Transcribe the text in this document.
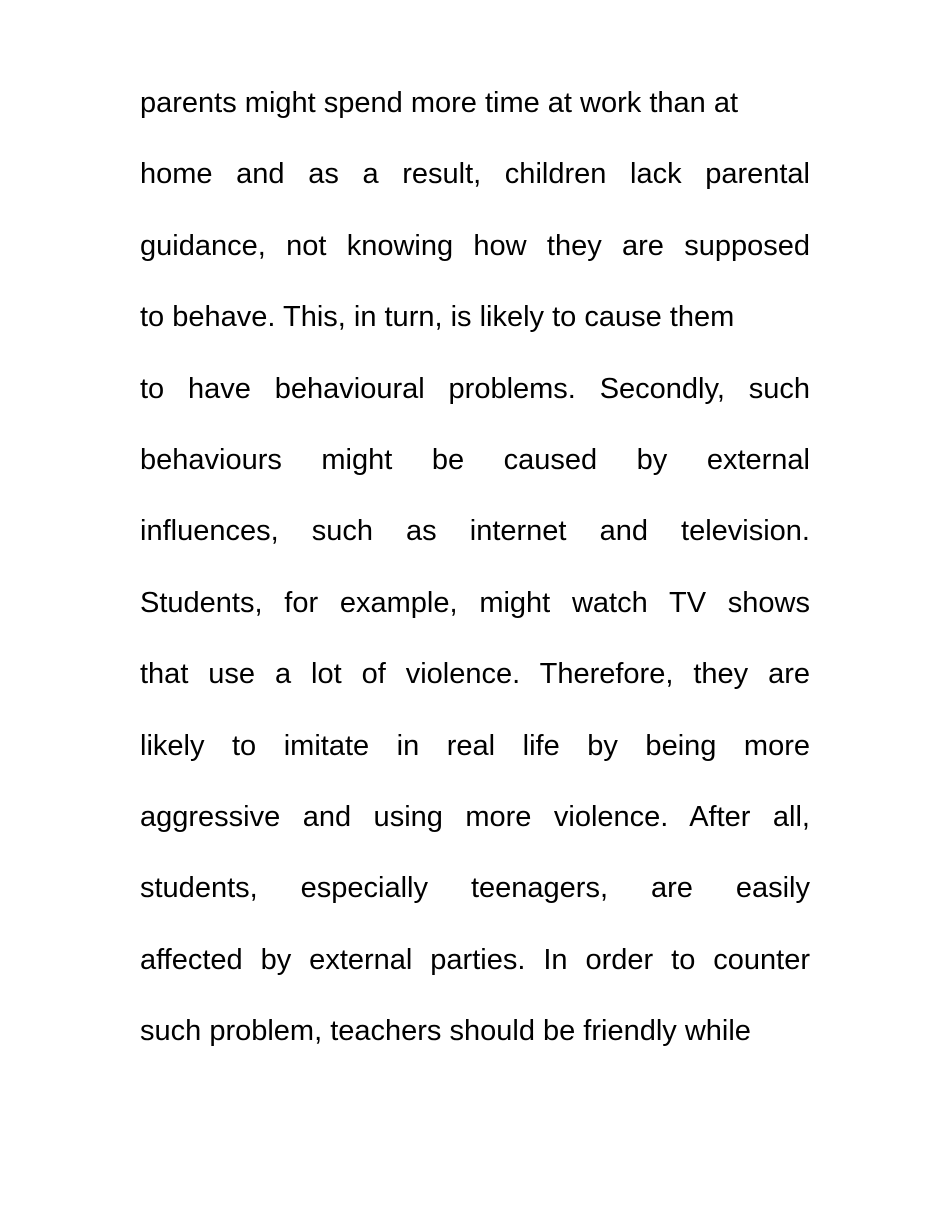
parents might spend more time at work than at
home and as a result, children lack parental
guidance, not knowing how they are supposed
to behave. This, in turn, is likely to cause them
to have behavioural problems. Secondly, such
behaviours might be caused by external
influences, such as internet and television.
Students, for example, might watch TV shows
that use a lot of violence. Therefore, they are
likely to imitate in real life by being more
aggressive and using more violence. After all,
students, especially teenagers, are easily
affected by external parties. In order to counter
such problem, teachers should be friendly while
